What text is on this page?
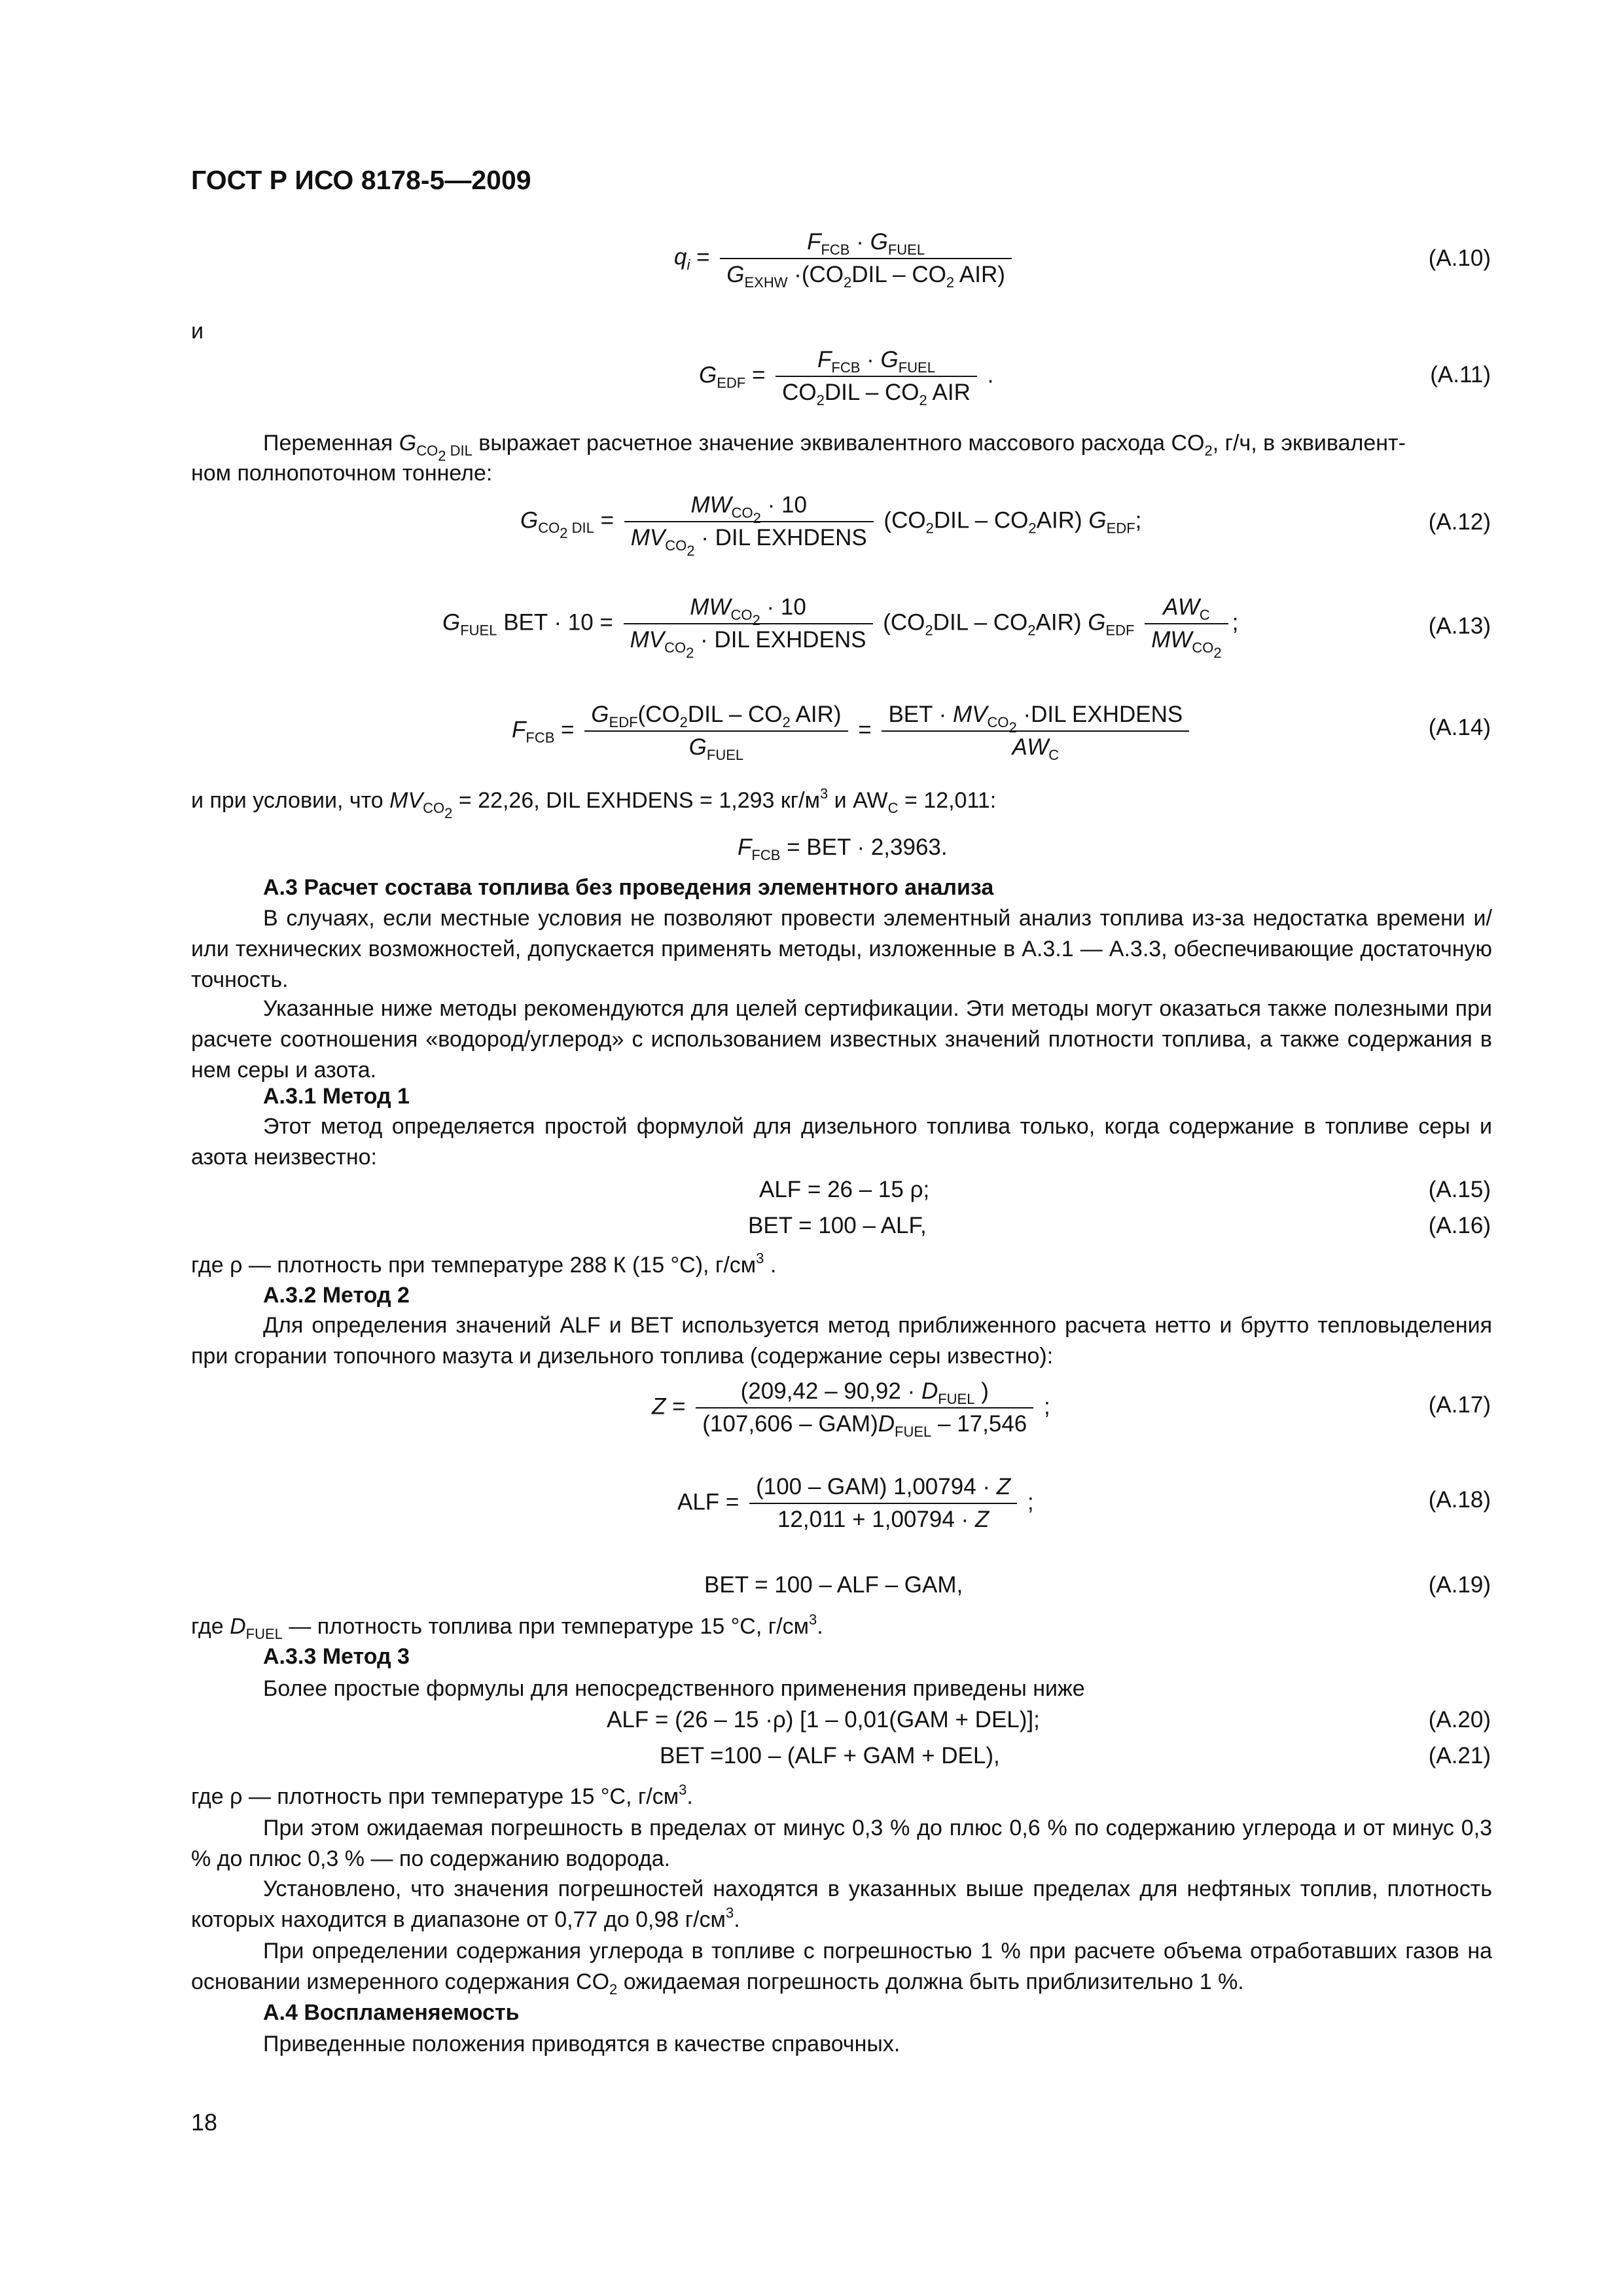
ГОСТ Р ИСО 8178-5—2009
$q_i = \frac{F_{FCB} \cdot G_{FUEL}}{G_{EXHW} \cdot(CO_2DIL - CO_2 AIR)}$	(A.10)
и
$G_{EDF} = \frac{F_{FCB} \cdot G_{FUEL}}{CO_2DIL - CO_2 AIR}$ .	(A.11)
Переменная $G_{CO_2 DIL}$ выражает расчетное значение эквивалентного массового расхода $CO_2$, г/ч, в эквивалент-
ном полнопоточном тоннеле:
$G_{CO_2 DIL} = \frac{MW_{CO_2} \cdot 10}{MV_{CO_2} \cdot DIL EXHDENS} (CO_2DIL - CO_2AIR)$ $G_{EDF}$;	(A.12)
$G_{FUEL}$ BET · $10 = \frac{MW_{CO_2} \cdot 10}{MV_{CO_2} \cdot DIL EXHDENS} (CO_2DIL - CO_2AIR)$ $G_{EDF} \frac{AW_C}{MW_{CO_2}}$ ;	(A.13)
$F_{FCB} = \frac{G_{EDF}(CO_2DIL - CO_2 AIR)}{G_{FUEL}} = \frac{BET \cdot MV_{CO_2} \cdot DIL EXHDENS}{AW_C}$	(A.14)
и при условии, что $MV_{CO_2} = 22,26$, DIL EXHDENS = 1,293 $кг/м^3$ и $AW_C = 12,011$:
$F_{FCB}$ = BET · 2,3963.
А.3 Расчет состава топлива без проведения элементного анализа
В случаях, если местные условия не позволяют провести элементный анализ топлива из-за недостатка времени и/или технических возможностей, допускается применять методы, изложенные в А.3.1 — А.3.3, обеспечивающие достаточную точность.
Указанные ниже методы рекомендуются для целей сертификации. Эти методы могут оказаться также полезными при расчете соотношения «водород/углерод» с использованием известных значений плотности топлива, а также содержания в нем серы и азота.
А.3.1 Метод 1
Этот метод определяется простой формулой для дизельного топлива только, когда содержание в топливе серы и азота неизвестно:
ALF = 26 – 15 ρ;	(A.15)
BET = 100 – ALF,	(A.16)
где ρ — плотность при температуре 288 К (15 °С), $г/см^3$ .
А.3.2 Метод 2
Для определения значений ALF и BET используется метод приближенного расчета нетто и брутто тепловыделения при сгорании топочного мазута и дизельного топлива (содержание серы известно):
$Z = \frac{(209,42 - 90,92 \cdot D_{FUEL} )}{(107,606 - GAM)D_{FUEL} - 17,546}$ ;	(A.17)
ALF = $\frac{\text{(100 – GAM) 1,00794 · Z}}{12,011 + 1,00794 \cdot Z}$ ;	(A.18)
BET = 100 – ALF – GAM,	(A.19)
где $D_{FUEL}$ — плотность топлива при температуре 15 °С, $г/см^3$.
А.3.3 Метод 3
Более простые формулы для непосредственного применения приведены ниже
ALF = (26 – 15 ·ρ) [1 – 0,01(GAM + DEL)];	(A.20)
BET =100 – (ALF + GAM + DEL),	(A.21)
где ρ — плотность при температуре 15 °С, $г/см^3$.
При этом ожидаемая погрешность в пределах от минус 0,3 % до плюс 0,6 % по содержанию углерода и от минус 0,3 % до плюс 0,3 % — по содержанию водорода.
Установлено, что значения погрешностей находятся в указанных выше пределах для нефтяных топлив, плотность которых находится в диапазоне от 0,77 до 0,98 $г/см^3$.
При определении содержания углерода в топливе с погрешностью 1 % при расчете объема отработавших газов на основании измеренного содержания $CO_2$ ожидаемая погрешность должна быть приблизительно 1 %.
А.4 Воспламеняемость
Приведенные положения приводятся в качестве справочных.
18
